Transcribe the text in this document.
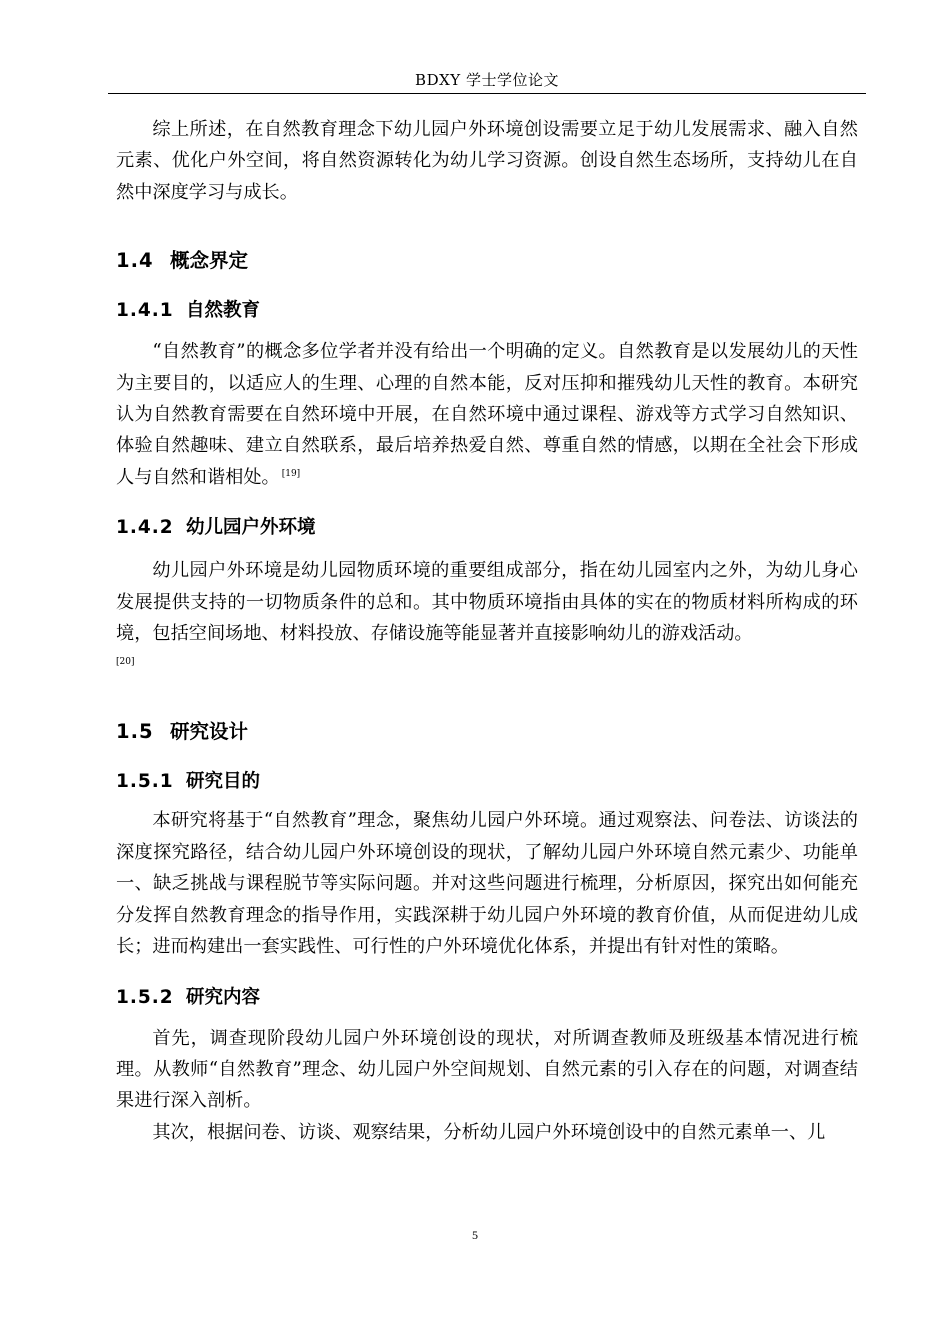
BDXY 学士学位论文

综上所述，在自然教育理念下幼儿园户外环境创设需要立足于幼儿发展需求、融入自然元素、优化户外空间，将自然资源转化为幼儿学习资源。创设自然生态场所，支持幼儿在自然中深度学习与成长。

1.4 概念界定
1.4.1 自然教育

“自然教育”的概念多位学者并没有给出一个明确的定义。自然教育是以发展幼儿的天性为主要目的，以适应人的生理、心理的自然本能，反对压抑和摧残幼儿天性的教育。本研究认为自然教育需要在自然环境中开展，在自然环境中通过课程、游戏等方式学习自然知识、体验自然趣味、建立自然联系，最后培养热爱自然、尊重自然的情感，以期在全社会下形成人与自然和谐相处。 [19]

1.4.2 幼儿园户外环境

幼儿园户外环境是幼儿园物质环境的重要组成部分，指在幼儿园室内之外，为幼儿身心发展提供支持的一切物质条件的总和。其中物质环境指由具体的实在的物质材料所构成的环境，包括空间场地、材料投放、存储设施等能显著并直接影响幼儿的游戏活动。

[20]
1.5 研究设计
1.5.1 研究目的

本研究将基于“自然教育”理念，聚焦幼儿园户外环境。通过观察法、问卷法、访谈法的深度探究路径，结合幼儿园户外环境创设的现状，了解幼儿园户外环境自然元素少、功能单一、缺乏挑战与课程脱节等实际问题。并对这些问题进行梳理，分析原因，探究出如何能充分发挥自然教育理念的指导作用，实践深耕于幼儿园户外环境的教育价值，从而促进幼儿成长；进而构建出一套实践性、可行性的户外环境优化体系，并提出有针对性的策略。

1.5.2 研究内容

首先，调查现阶段幼儿园户外环境创设的现状，对所调查教师及班级基本情况进行梳理。从教师“自然教育”理念、幼儿园户外空间规划、自然元素的引入存在的问题，对调查结果进行深入剖析。

其次，根据问卷、访谈、观察结果，分析幼儿园户外环境创设中的自然元素单一、儿

5
